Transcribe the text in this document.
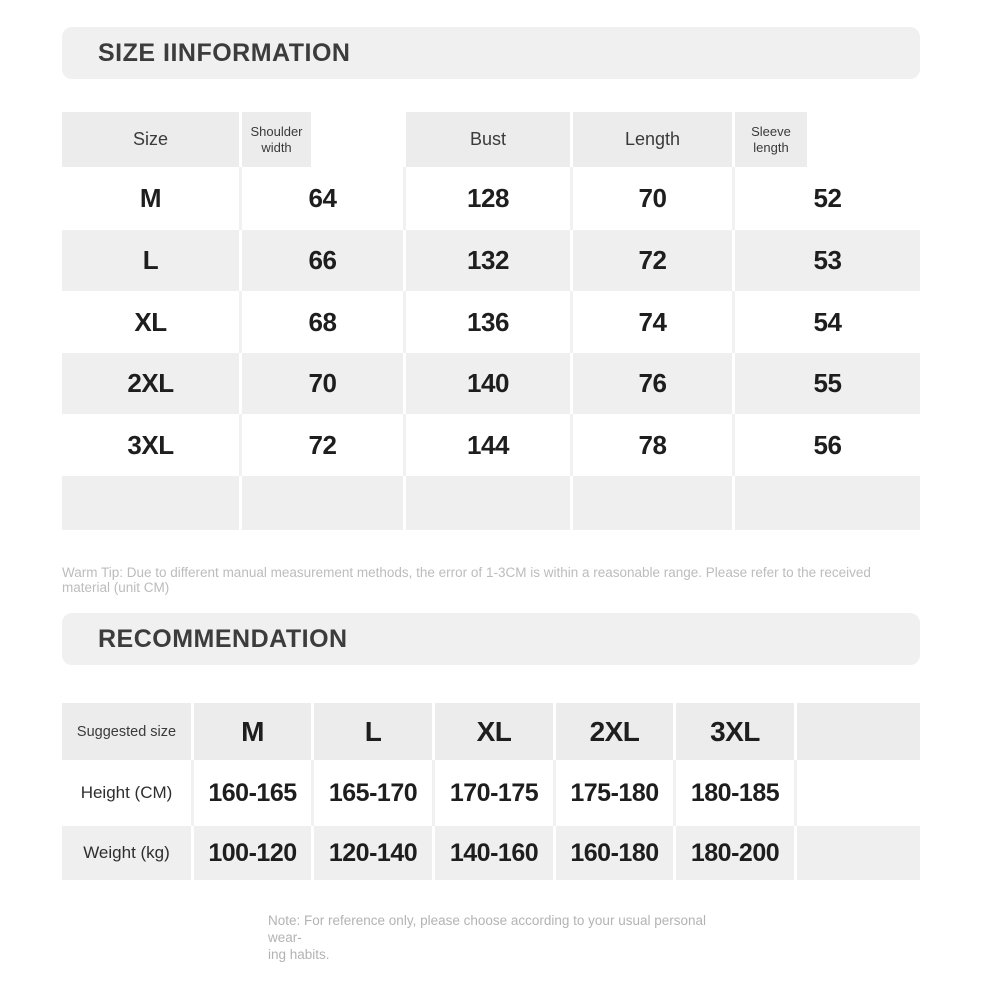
SIZE IINFORMATION
Size	Shoulder width	Bust	Length	Sleeve length
M	64	128	70	52
L	66	132	72	53
XL	68	136	74	54
2XL	70	140	76	55
3XL	72	144	78	56
Warm Tip: Due to different manual measurement methods, the error of 1-3CM is within a reasonable range. Please refer to the received material (unit CM)
RECOMMENDATION
Suggested size	M	L	XL	2XL	3XL
Height (CM)	160-165	165-170	170-175	175-180	180-185
Weight (kg)	100-120	120-140	140-160	160-180	180-200
Note: For reference only, please choose according to your usual personal wear-
ing habits.
